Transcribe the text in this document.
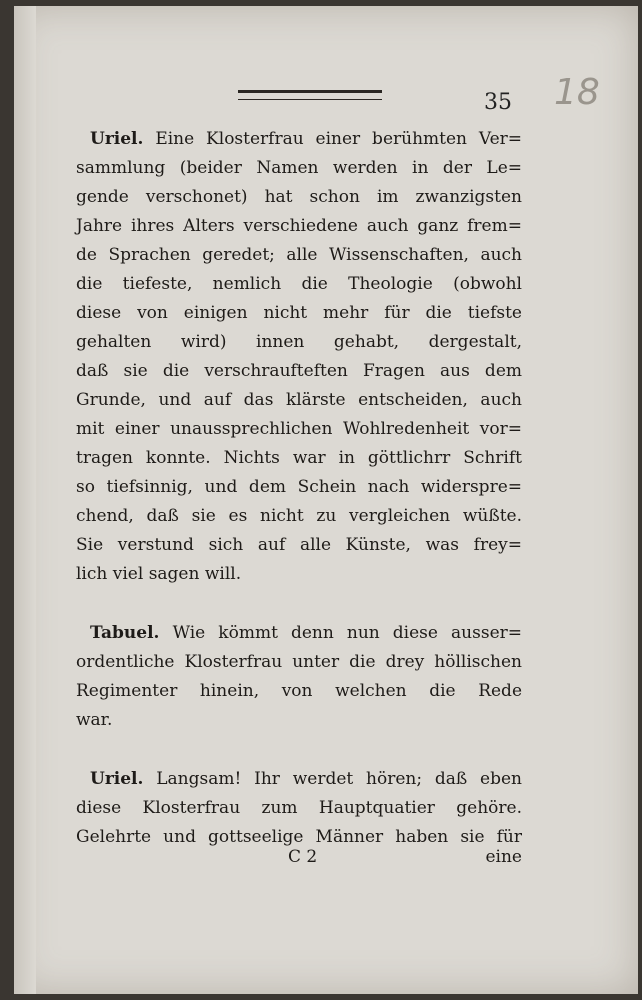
35 18

Uriel. Eine Klosterfrau einer berühmten Ver=
sammlung (beider Namen werden in der Le=
gende verschonet) hat schon im zwanzigsten
Jahre ihres Alters verschiedene auch ganz frem=
de Sprachen geredet; alle Wissenschaften, auch
die tiefeste, nemlich die Theologie (obwohl
diese von einigen nicht mehr für die tiefste
gehalten wird) innen gehabt, dergestalt,
daß sie die verschraufteften Fragen aus dem
Grunde, und auf das klärste entscheiden, auch
mit einer unaussprechlichen Wohlredenheit vor=
tragen konnte. Nichts war in göttlichrr Schrift
so tiefsinnig, und dem Schein nach widerspre=
chend, daß sie es nicht zu vergleichen wüßte.
Sie verstund sich auf alle Künste, was frey=
lich viel sagen will.

Tabuel. Wie kömmt denn nun diese ausser=
ordentliche Klosterfrau unter die drey höllischen
Regimenter hinein, von welchen die Rede
war.

Uriel. Langsam! Ihr werdet hören; daß eben
diese Klosterfrau zum Hauptquatier gehöre.
Gelehrte und gottseelige Männer haben sie für

C 2	eine
